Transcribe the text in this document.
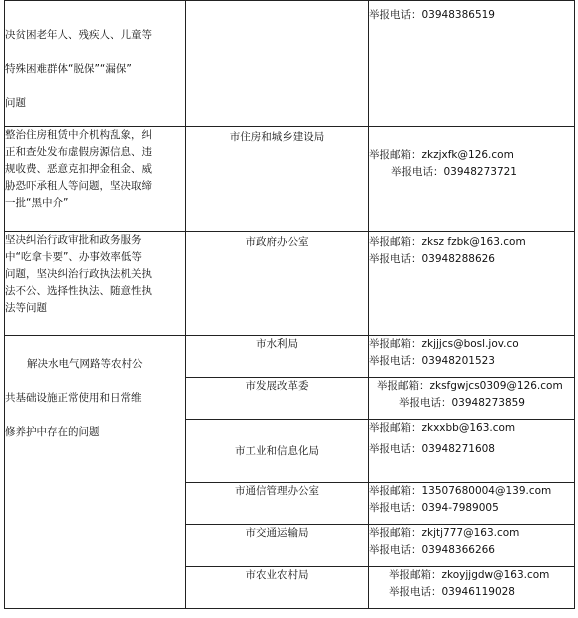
决贫困老年人、残疾人、儿童等
特殊困难群体“脱保”“漏保”
问题		举报电话：03948386519

整治住房租赁中介机构乱象，纠
正和查处发布虚假房源信息、违
规收费、恶意克扣押金租金、威
胁恐吓承租人等问题，坚决取缔
一批“黑中介”	市住房和城乡建设局	举报邮箱：zkzjxfk@126.com
举报电话：03948273721

坚决纠治行政审批和政务服务
中“吃拿卡要”、办事效率低等
问题，坚决纠治行政执法机关执
法不公、选择性执法、随意性执
法等问题	市政府办公室	举报邮箱：zksz fzbk@163.com
举报电话：03948288626

解决水电气网路等农村公
共基础设施正常使用和日常维
修养护中存在的问题	市水利局	举报邮箱：zkjjjcs@bosl.jov.co
举报电话：03948201523

	市发展改革委	举报邮箱：zksfgwjcs0309@126.com
举报电话：03948273859

	市工业和信息化局	举报邮箱：zkxxbb@163.com
举报电话：03948271608

	市通信管理办公室	举报邮箱：13507680004@139.com
举报电话：0394-7989005

	市交通运输局	举报邮箱：zkjtj777@163.com
举报电话：03948366266

	市农业农村局	举报邮箱：zkoyjjgdw@163.com
举报电话：03946119028
